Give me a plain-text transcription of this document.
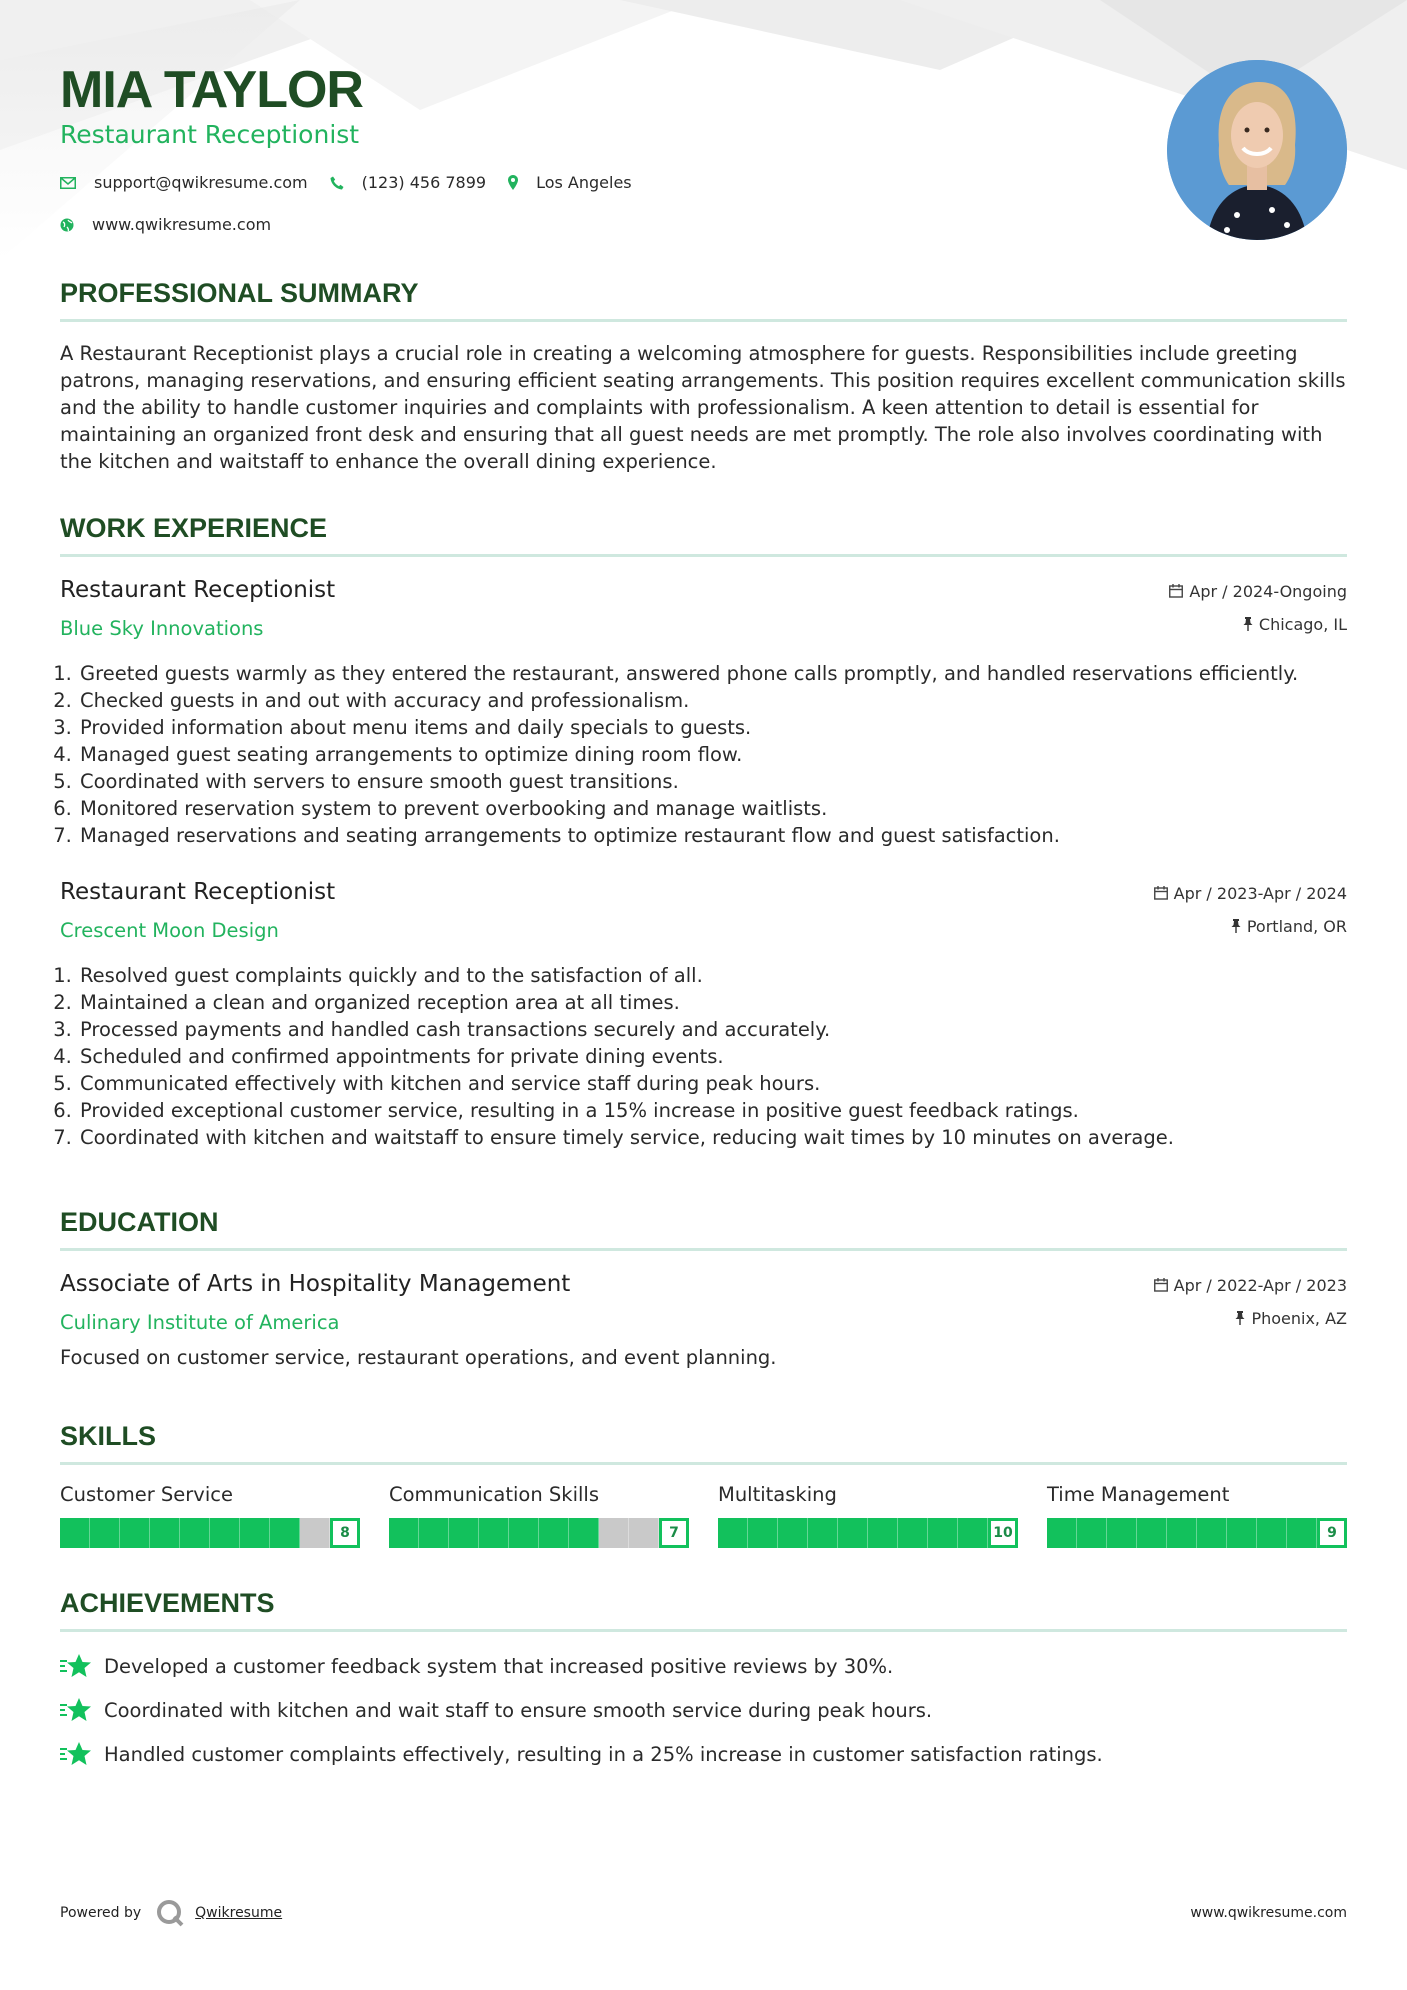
MIA TAYLOR
Restaurant Receptionist
support@qwikresume.com	(123) 456 7899	Los Angeles
www.qwikresume.com
PROFESSIONAL SUMMARY

A Restaurant Receptionist plays a crucial role in creating a welcoming atmosphere for guests. Responsibilities include greeting patrons, managing reservations, and ensuring efficient seating arrangements. This position requires excellent communication skills and the ability to handle customer inquiries and complaints with professionalism. A keen attention to detail is essential for maintaining an organized front desk and ensuring that all guest needs are met promptly. The role also involves coordinating with the kitchen and waitstaff to enhance the overall dining experience.

WORK EXPERIENCE
Restaurant Receptionist
Blue Sky Innovations
Apr / 2024-Ongoing
Chicago, IL
1. Greeted guests warmly as they entered the restaurant, answered phone calls promptly, and handled reservations efficiently.
2. Checked guests in and out with accuracy and professionalism.
3. Provided information about menu items and daily specials to guests.
4. Managed guest seating arrangements to optimize dining room flow.
5. Coordinated with servers to ensure smooth guest transitions.
6. Monitored reservation system to prevent overbooking and manage waitlists.
7. Managed reservations and seating arrangements to optimize restaurant flow and guest satisfaction.
Restaurant Receptionist
Crescent Moon Design
Apr / 2023-Apr / 2024
Portland, OR
1. Resolved guest complaints quickly and to the satisfaction of all.
2. Maintained a clean and organized reception area at all times.
3. Processed payments and handled cash transactions securely and accurately.
4. Scheduled and confirmed appointments for private dining events.
5. Communicated effectively with kitchen and service staff during peak hours.
6. Provided exceptional customer service, resulting in a 15% increase in positive guest feedback ratings.
7. Coordinated with kitchen and waitstaff to ensure timely service, reducing wait times by 10 minutes on average.
EDUCATION
Associate of Arts in Hospitality Management
Culinary Institute of America
Apr / 2022-Apr / 2023
Phoenix, AZ

Focused on customer service, restaurant operations, and event planning.

SKILLS
Customer Service
8
Communication Skills
7
Multitasking
10
Time Management
9
ACHIEVEMENTS
Developed a customer feedback system that increased positive reviews by 30%.
Coordinated with kitchen and wait staff to ensure smooth service during peak hours.
Handled customer complaints effectively, resulting in a 25% increase in customer satisfaction ratings.
Powered by	Qwikresume	www.qwikresume.com
